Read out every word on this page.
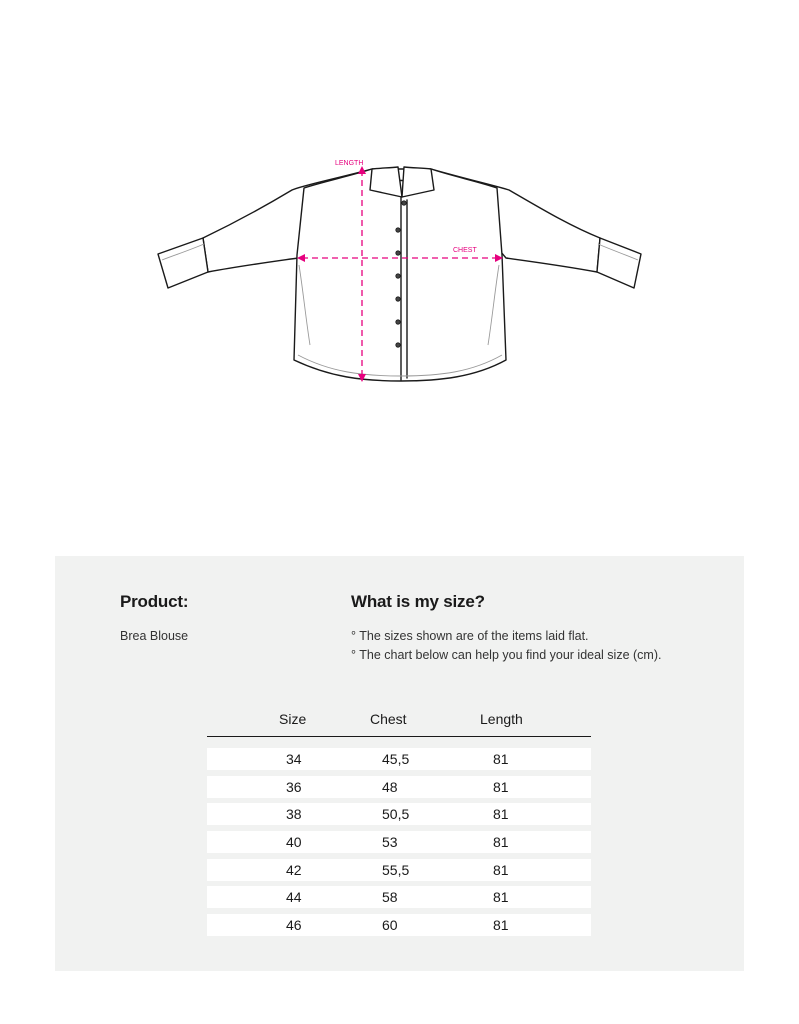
LENGTH
CHEST
Product:
Brea Blouse
What is my size?
° The sizes shown are of the items laid flat.
° The chart below can help you find your ideal size (cm).
Size	Chest	Length
34	45,5	81
36	48	81
38	50,5	81
40	53	81
42	55,5	81
44	58	81
46	60	81
